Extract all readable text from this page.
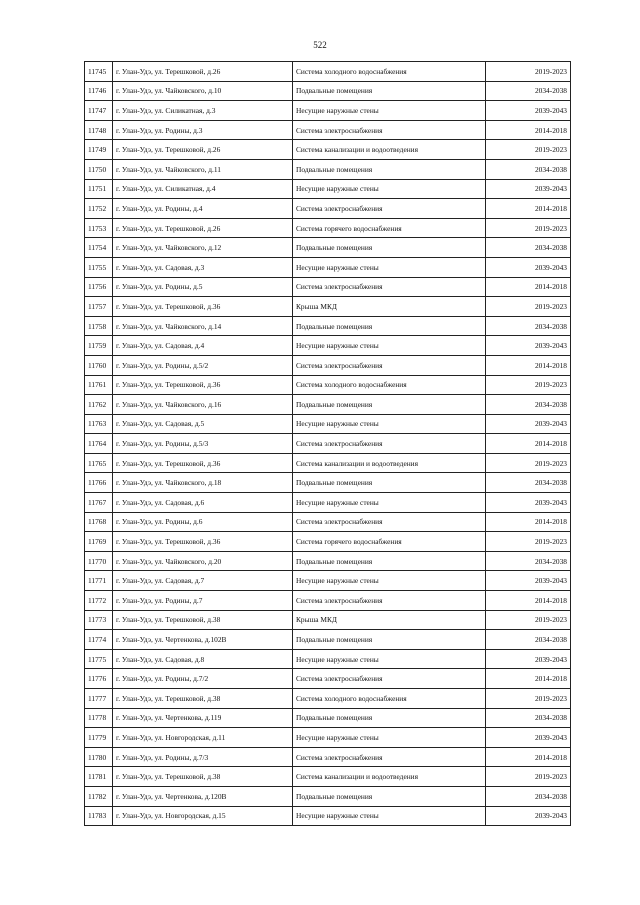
522
11745	г. Улан-Удэ, ул. Терешковой, д.26	Система холодного водоснабжения	2019-2023
11746	г. Улан-Удэ, ул. Чайковского, д.10	Подвальные помещения	2034-2038
11747	г. Улан-Удэ, ул. Силикатная, д.3	Несущие наружные стены	2039-2043
11748	г. Улан-Удэ, ул. Родины, д.3	Система электроснабжения	2014-2018
11749	г. Улан-Удэ, ул. Терешковой, д.26	Система канализации и водоотведения	2019-2023
11750	г. Улан-Удэ, ул. Чайковского, д.11	Подвальные помещения	2034-2038
11751	г. Улан-Удэ, ул. Силикатная, д.4	Несущие наружные стены	2039-2043
11752	г. Улан-Удэ, ул. Родины, д.4	Система электроснабжения	2014-2018
11753	г. Улан-Удэ, ул. Терешковой, д.26	Система горячего водоснабжения	2019-2023
11754	г. Улан-Удэ, ул. Чайковского, д.12	Подвальные помещения	2034-2038
11755	г. Улан-Удэ, ул. Садовая, д.3	Несущие наружные стены	2039-2043
11756	г. Улан-Удэ, ул. Родины, д.5	Система электроснабжения	2014-2018
11757	г. Улан-Удэ, ул. Терешковой, д.36	Крыша МКД	2019-2023
11758	г. Улан-Удэ, ул. Чайковского, д.14	Подвальные помещения	2034-2038
11759	г. Улан-Удэ, ул. Садовая, д.4	Несущие наружные стены	2039-2043
11760	г. Улан-Удэ, ул. Родины, д.5/2	Система электроснабжения	2014-2018
11761	г. Улан-Удэ, ул. Терешковой, д.36	Система холодного водоснабжения	2019-2023
11762	г. Улан-Удэ, ул. Чайковского, д.16	Подвальные помещения	2034-2038
11763	г. Улан-Удэ, ул. Садовая, д.5	Несущие наружные стены	2039-2043
11764	г. Улан-Удэ, ул. Родины, д.5/3	Система электроснабжения	2014-2018
11765	г. Улан-Удэ, ул. Терешковой, д.36	Система канализации и водоотведения	2019-2023
11766	г. Улан-Удэ, ул. Чайковского, д.18	Подвальные помещения	2034-2038
11767	г. Улан-Удэ, ул. Садовая, д.6	Несущие наружные стены	2039-2043
11768	г. Улан-Удэ, ул. Родины, д.6	Система электроснабжения	2014-2018
11769	г. Улан-Удэ, ул. Терешковой, д.36	Система горячего водоснабжения	2019-2023
11770	г. Улан-Удэ, ул. Чайковского, д.20	Подвальные помещения	2034-2038
11771	г. Улан-Удэ, ул. Садовая, д.7	Несущие наружные стены	2039-2043
11772	г. Улан-Удэ, ул. Родины, д.7	Система электроснабжения	2014-2018
11773	г. Улан-Удэ, ул. Терешковой, д.38	Крыша МКД	2019-2023
11774	г. Улан-Удэ, ул. Чертенкова, д.102В	Подвальные помещения	2034-2038
11775	г. Улан-Удэ, ул. Садовая, д.8	Несущие наружные стены	2039-2043
11776	г. Улан-Удэ, ул. Родины, д.7/2	Система электроснабжения	2014-2018
11777	г. Улан-Удэ, ул. Терешковой, д.38	Система холодного водоснабжения	2019-2023
11778	г. Улан-Удэ, ул. Чертенкова, д.119	Подвальные помещения	2034-2038
11779	г. Улан-Удэ, ул. Новгородская, д.11	Несущие наружные стены	2039-2043
11780	г. Улан-Удэ, ул. Родины, д.7/3	Система электроснабжения	2014-2018
11781	г. Улан-Удэ, ул. Терешковой, д.38	Система канализации и водоотведения	2019-2023
11782	г. Улан-Удэ, ул. Чертенкова, д.120В	Подвальные помещения	2034-2038
11783	г. Улан-Удэ, ул. Новгородская, д.15	Несущие наружные стены	2039-2043
